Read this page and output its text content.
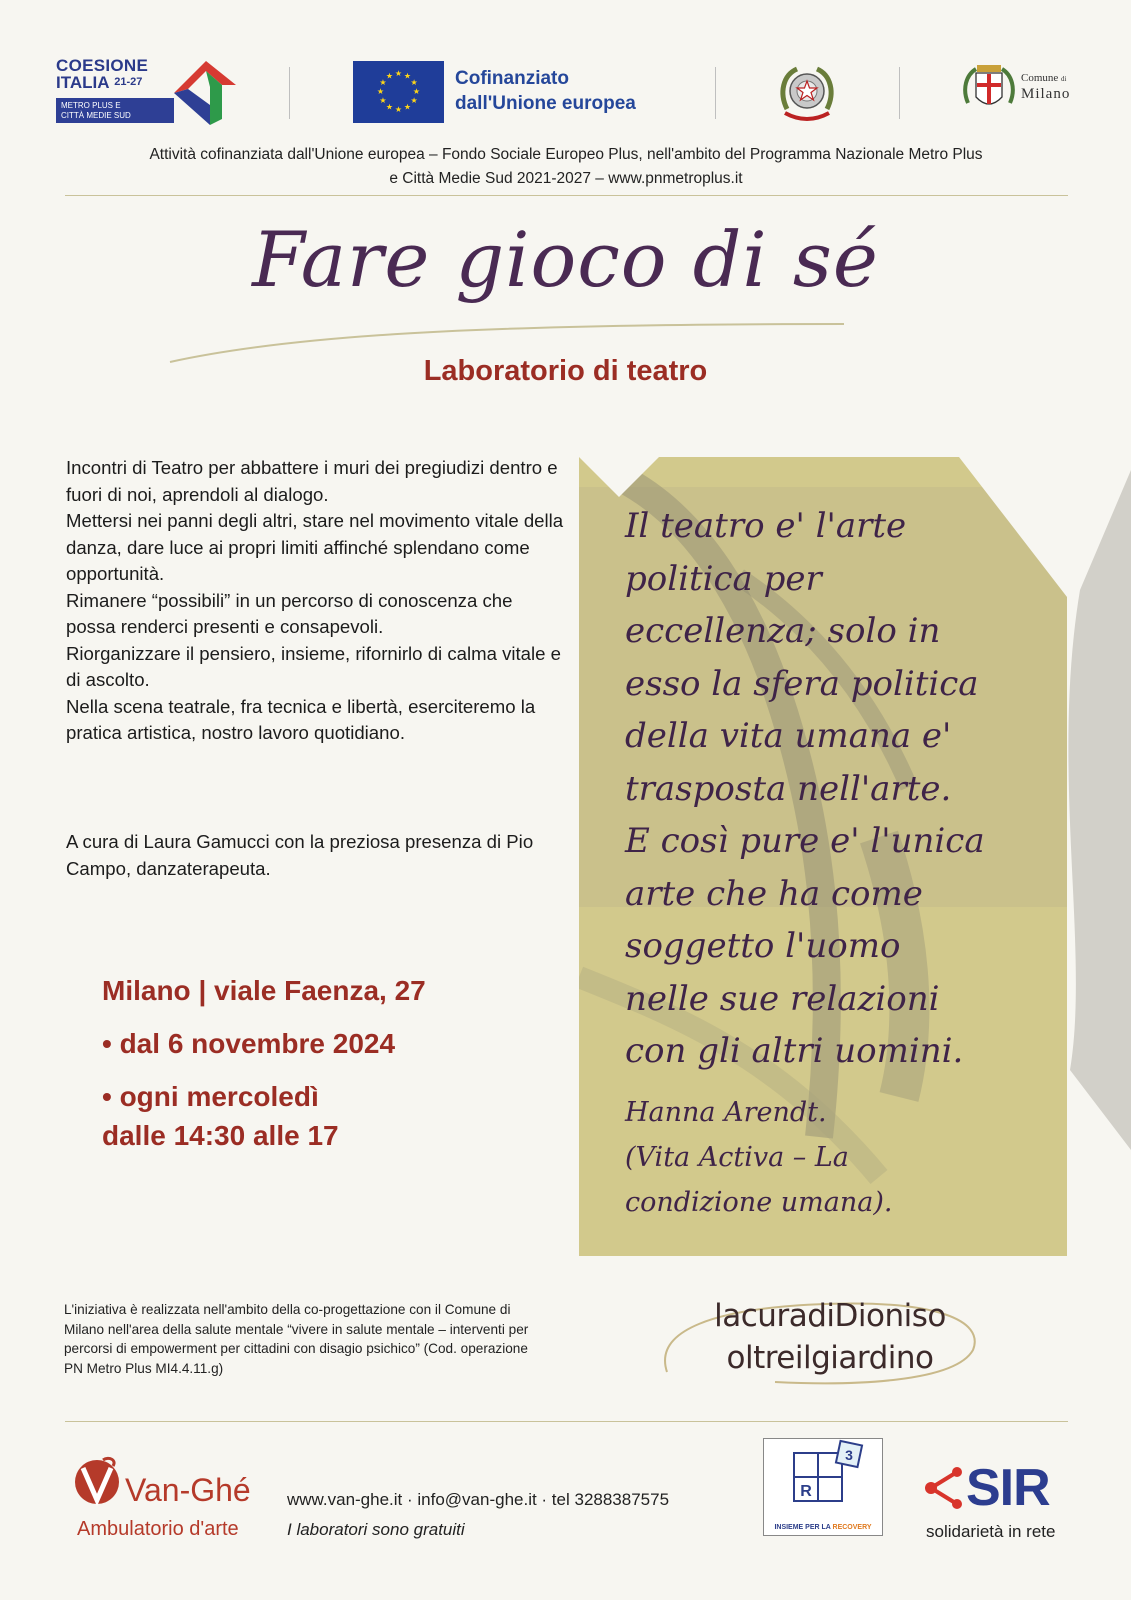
COESIONE
ITALIA 21-27
METRO PLUS E
CITTÀ MEDIE SUD
★ ★
★
★
★
★
★
★
★
★
★
★	Cofinanziato
dall'Unione europea
Comune di
Milano
Attività cofinanziata dall'Unione europea – Fondo Sociale Europeo Plus, nell'ambito del Programma Nazionale Metro Plus
e Città Medie Sud 2021-2027 – www.pnmetroplus.it
Fare gioco di sé
Laboratorio di teatro

Incontri di Teatro per abbattere i muri dei pregiudizi dentro e fuori di noi, aprendoli al dialogo.

Mettersi nei panni degli altri, stare nel movimento vitale della danza, dare luce ai propri limiti affinché splendano come opportunità.

Rimanere “possibili” in un percorso di conoscenza che possa renderci presenti e consapevoli.

Riorganizzare il pensiero, insieme, rifornirlo di calma vitale e di ascolto.

Nella scena teatrale, fra tecnica e libertà, eserciteremo la pratica artistica, nostro lavoro quotidiano.

A cura di Laura Gamucci con la preziosa presenza di Pio Campo, danzaterapeuta.
Milano | viale Faenza, 27
• dal 6 novembre 2024
• ogni mercoledì
dalle 14:30 alle 17
Il teatro e' l'arte
politica per
eccellenza; solo in
esso la sfera politica
della vita umana e'
trasposta nell'arte.
E così pure e' l'unica
arte che ha come
soggetto l'uomo
nelle sue relazioni
con gli altri uomini.
Hanna Arendt.
(Vita Activa – La
condizione umana).
L'iniziativa è realizzata nell'ambito della co-progettazione con il Comune di Milano nell'area della salute mentale “vivere in salute mentale – interventi per percorsi di empowerment per cittadini con disagio psichico” (Cod. operazione PN Metro Plus MI4.4.11.g)
lacuradiDioniso
oltreilgiardino
Van-Ghé
Ambulatorio d'arte
www.van-ghe.it · info@van-ghe.it · tel 3288387575
I laboratori sono gratuiti
3
R
INSIEME PER LA RECOVERY
SIR
solidarietà in rete
